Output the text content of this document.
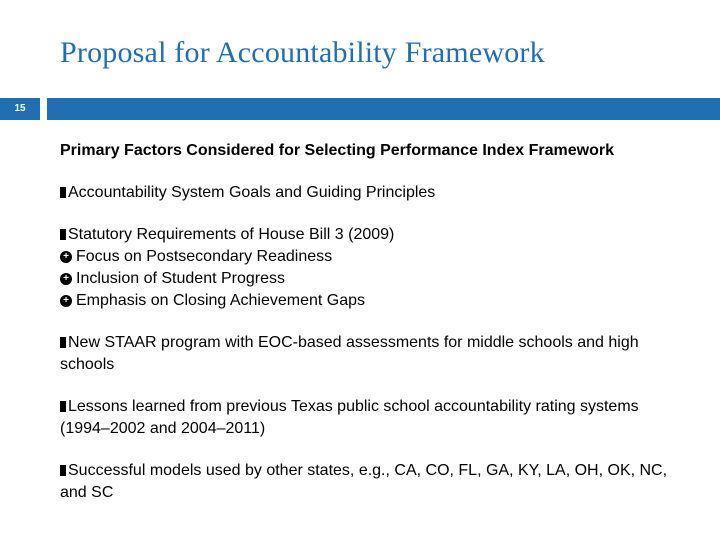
Proposal for Accountability Framework
15

Primary Factors Considered for Selecting Performance Index Framework

Accountability System Goals and Guiding Principles
Statutory Requirements of House Bill 3 (2009)
+ Focus on Postsecondary Readiness
+ Inclusion of Student Progress
+ Emphasis on Closing Achievement Gaps
New STAAR program with EOC-based assessments for middle schools and high schools
Lessons learned from previous Texas public school accountability rating systems (1994–2002 and 2004–2011)
Successful models used by other states, e.g., CA, CO, FL, GA, KY, LA, OH, OK, NC, and SC
